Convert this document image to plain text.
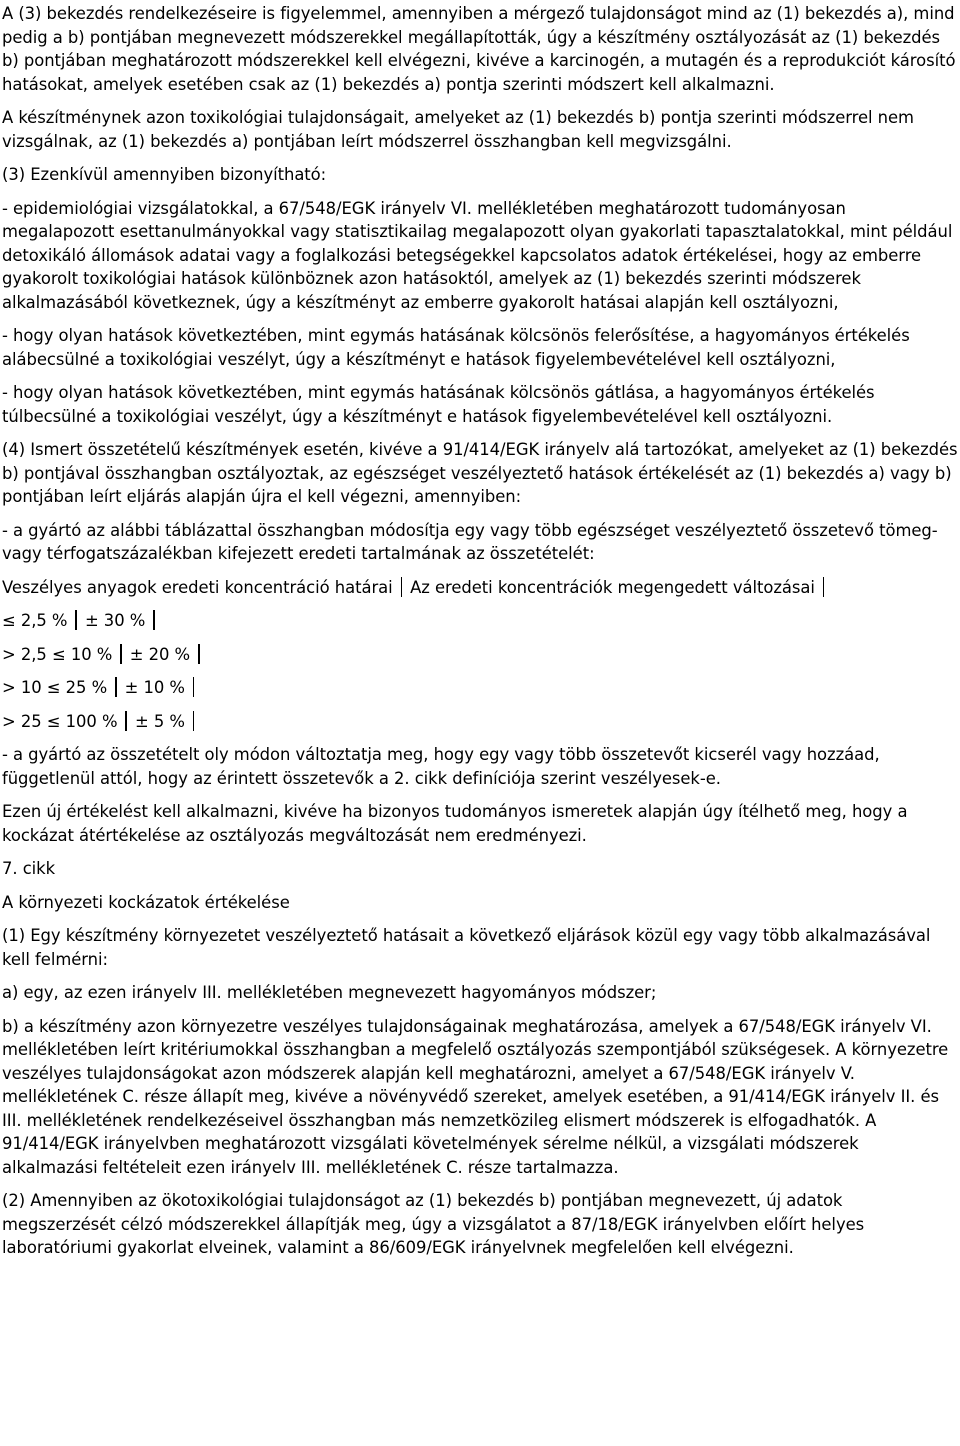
A (3) bekezdés rendelkezéseire is figyelemmel, amennyiben a mérgező tulajdonságot mind az (1) bekezdés a), mind pedig a b) pontjában megnevezett módszerekkel megállapították, úgy a készítmény osztályozását az (1) bekezdés b) pontjában meghatározott módszerekkel kell elvégezni, kivéve a karcinogén, a mutagén és a reprodukciót károsító hatásokat, amelyek esetében csak az (1) bekezdés a) pontja szerinti módszert kell alkalmazni.

A készítménynek azon toxikológiai tulajdonságait, amelyeket az (1) bekezdés b) pontja szerinti módszerrel nem vizsgálnak, az (1) bekezdés a) pontjában leírt módszerrel összhangban kell megvizsgálni.

(3) Ezenkívül amennyiben bizonyítható:

- epidemiológiai vizsgálatokkal, a 67/548/EGK irányelv VI. mellékletében meghatározott tudományosan megalapozott esettanulmányokkal vagy statisztikailag megalapozott olyan gyakorlati tapasztalatokkal, mint például detoxikáló állomások adatai vagy a foglalkozási betegségekkel kapcsolatos adatok értékelései, hogy az emberre gyakorolt toxikológiai hatások különböznek azon hatásoktól, amelyek az (1) bekezdés szerinti módszerek alkalmazásából következnek, úgy a készítményt az emberre gyakorolt hatásai alapján kell osztályozni,

- hogy olyan hatások következtében, mint egymás hatásának kölcsönös felerősítése, a hagyományos értékelés alábecsülné a toxikológiai veszélyt, úgy a készítményt e hatások figyelembevételével kell osztályozni,

- hogy olyan hatások következtében, mint egymás hatásának kölcsönös gátlása, a hagyományos értékelés túlbecsülné a toxikológiai veszélyt, úgy a készítményt e hatások figyelembevételével kell osztályozni.

(4) Ismert összetételű készítmények esetén, kivéve a 91/414/EGK irányelv alá tartozókat, amelyeket az (1) bekezdés b) pontjával összhangban osztályoztak, az egészséget veszélyeztető hatások értékelését az (1) bekezdés a) vagy b) pontjában leírt eljárás alapján újra el kell végezni, amennyiben:

- a gyártó az alábbi táblázattal összhangban módosítja egy vagy több egészséget veszélyeztető összetevő tömeg- vagy térfogatszázalékban kifejezett eredeti tartalmának az összetételét:

Veszélyes anyagok eredeti koncentráció határai Az eredeti koncentrációk megengedett változásai
≤ 2,5 % ± 30 %
> 2,5 ≤ 10 % ± 20 %
> 10 ≤ 25 % ± 10 %
> 25 ≤ 100 % ± 5 %

- a gyártó az összetételt oly módon változtatja meg, hogy egy vagy több összetevőt kicserél vagy hozzáad, függetlenül attól, hogy az érintett összetevők a 2. cikk definíciója szerint veszélyesek-e.

Ezen új értékelést kell alkalmazni, kivéve ha bizonyos tudományos ismeretek alapján úgy ítélhető meg, hogy a kockázat átértékelése az osztályozás megváltozását nem eredményezi.

7. cikk

A környezeti kockázatok értékelése

(1) Egy készítmény környezetet veszélyeztető hatásait a következő eljárások közül egy vagy több alkalmazásával kell felmérni:

a) egy, az ezen irányelv III. mellékletében megnevezett hagyományos módszer;

b) a készítmény azon környezetre veszélyes tulajdonságainak meghatározása, amelyek a 67/548/EGK irányelv VI. mellékletében leírt kritériumokkal összhangban a megfelelő osztályozás szempontjából szükségesek. A környezetre veszélyes tulajdonságokat azon módszerek alapján kell meghatározni, amelyet a 67/548/EGK irányelv V. mellékletének C. része állapít meg, kivéve a növényvédő szereket, amelyek esetében, a 91/414/EGK irányelv II. és III. mellékletének rendelkezéseivel összhangban más nemzetközileg elismert módszerek is elfogadhatók. A 91/414/EGK irányelvben meghatározott vizsgálati követelmények sérelme nélkül, a vizsgálati módszerek alkalmazási feltételeit ezen irányelv III. mellékletének C. része tartalmazza.

(2) Amennyiben az ökotoxikológiai tulajdonságot az (1) bekezdés b) pontjában megnevezett, új adatok megszerzését célzó módszerekkel állapítják meg, úgy a vizsgálatot a 87/18/EGK irányelvben előírt helyes laboratóriumi gyakorlat elveinek, valamint a 86/609/EGK irányelvnek megfelelően kell elvégezni.
